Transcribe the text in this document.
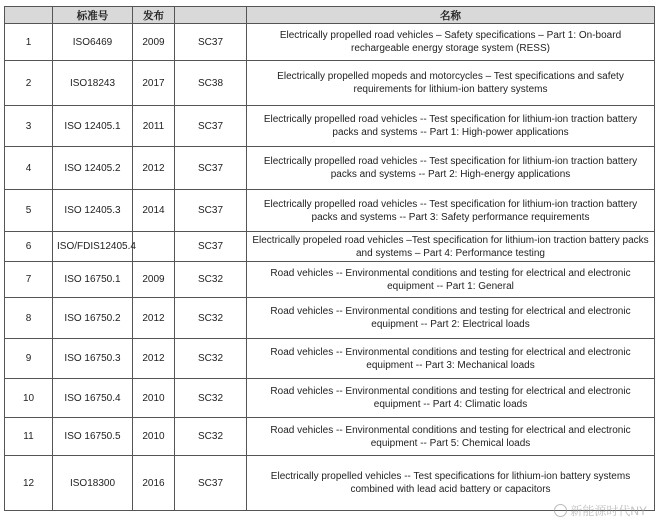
	标准号	发布		名称
1	ISO6469	2009	SC37	Electrically propelled road vehicles – Safety specifications – Part 1: On-board rechargeable energy storage system (RESS)
2	ISO18243	2017	SC38	Electrically propelled mopeds and motorcycles – Test specifications and safety requirements for lithium-ion battery systems
3	ISO 12405.1	2011	SC37	Electrically propelled road vehicles -- Test specification for lithium-ion traction battery packs and systems -- Part 1: High-power applications
4	ISO 12405.2	2012	SC37	Electrically propelled road vehicles -- Test specification for lithium-ion traction battery packs and systems -- Part 2: High-energy applications
5	ISO 12405.3	2014	SC37	Electrically propelled road vehicles -- Test specification for lithium-ion traction battery packs and systems -- Part 3: Safety performance requirements
6	ISO/FDIS12405.4		SC37	Electrically propeled road vehicles –Test specification for lithium-ion traction battery packs and systems – Part 4: Performance testing
7	ISO 16750.1	2009	SC32	Road vehicles -- Environmental conditions and testing for electrical and electronic equipment -- Part 1: General
8	ISO 16750.2	2012	SC32	Road vehicles -- Environmental conditions and testing for electrical and electronic equipment -- Part 2: Electrical loads
9	ISO 16750.3	2012	SC32	Road vehicles -- Environmental conditions and testing for electrical and electronic equipment -- Part 3: Mechanical loads
10	ISO 16750.4	2010	SC32	Road vehicles -- Environmental conditions and testing for electrical and electronic equipment -- Part 4: Climatic loads
11	ISO 16750.5	2010	SC32	Road vehicles -- Environmental conditions and testing for electrical and electronic equipment -- Part 5: Chemical loads
12	ISO18300	2016	SC37	Electrically propelled vehicles -- Test specifications for lithium-ion battery systems combined with lead acid battery or capacitors
新能源时代NY
